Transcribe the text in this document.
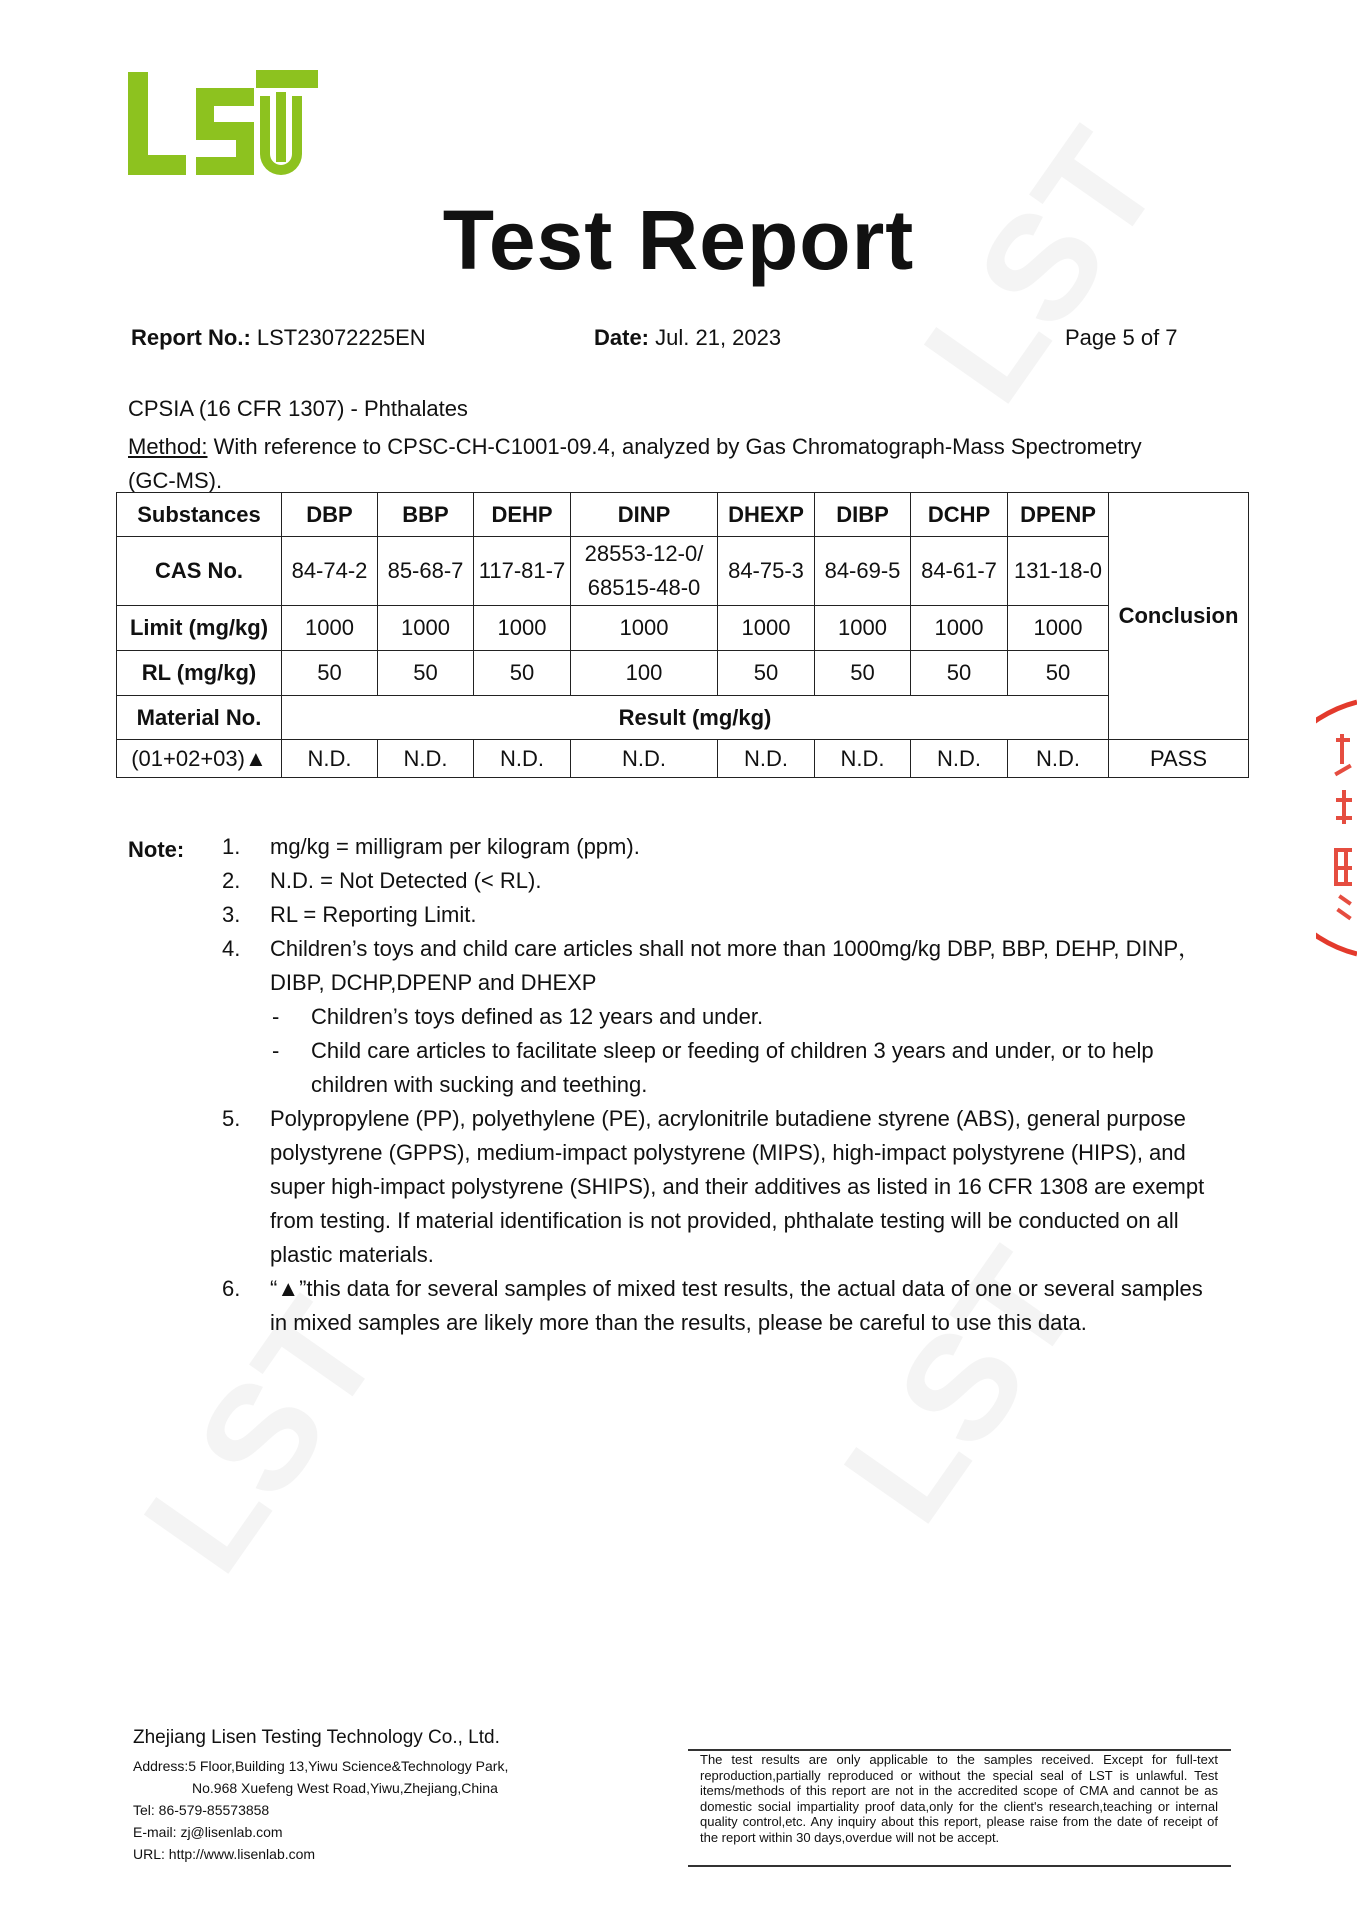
Test Report
Report No.: LST23072225EN	Date: Jul. 21, 2023	Page 5 of 7
CPSIA (16 CFR 1307) - Phthalates
Method: With reference to CPSC-CH-C1001-09.4, analyzed by Gas Chromatograph-Mass Spectrometry
(GC-MS).
Substances	DBP	BBP	DEHP	DINP	DHEXP	DIBP	DCHP	DPENP	Conclusion
CAS No.	84-74-2	85-68-7	117-81-7	28553-12-0/
68515-48-0	84-75-3	84-69-5	84-61-7	131-18-0	
Limit (mg/kg)	1000	1000	1000	1000	1000	1000	1000	1000	
RL (mg/kg)	50	50	50	100	50	50	50	50	
Material No.	Result (mg/kg)								
(01+02+03)▲	N.D.	N.D.	N.D.	N.D.	N.D.	N.D.	N.D.	N.D.	PASS
Note: 1. mg/kg = milligram per kilogram (ppm).
2. N.D. = Not Detected (< RL).
3. RL = Reporting Limit.
4. Children’s toys and child care articles shall not more than 1000mg/kg DBP, BBP, DEHP, DINP，
DIBP, DCHP,DPENP and DHEXP
- Children’s toys defined as 12 years and under.
- Child care articles to facilitate sleep or feeding of children 3 years and under, or to help
children with sucking and teething.
5. Polypropylene (PP), polyethylene (PE), acrylonitrile butadiene styrene (ABS), general purpose
polystyrene (GPPS), medium-impact polystyrene (MIPS), high-impact polystyrene (HIPS), and
super high-impact polystyrene (SHIPS), and their additives as listed in 16 CFR 1308 are exempt
from testing. If material identification is not provided, phthalate testing will be conducted on all
plastic materials.
6. “▲”this data for several samples of mixed test results, the actual data of one or several samples
in mixed samples are likely more than the results, please be careful to use this data.
Zhejiang Lisen Testing Technology Co., Ltd.
Address:5 Floor,Building 13,Yiwu Science&Technology Park,
No.968 Xuefeng West Road,Yiwu,Zhejiang,China
Tel: 86-579-85573858
E-mail: zj@lisenlab.com
URL: http://www.lisenlab.com
The test results are only applicable to the samples received. Except for full-text reproduction,partially reproduced or without the special seal of LST is unlawful. Test items/methods of this report are not in the accredited scope of CMA and cannot be as domestic social impartiality proof data,only for the client's research,teaching or internal quality control,etc. Any inquiry about this report, please raise from the date of receipt of the report within 30 days,overdue will not be accept.
